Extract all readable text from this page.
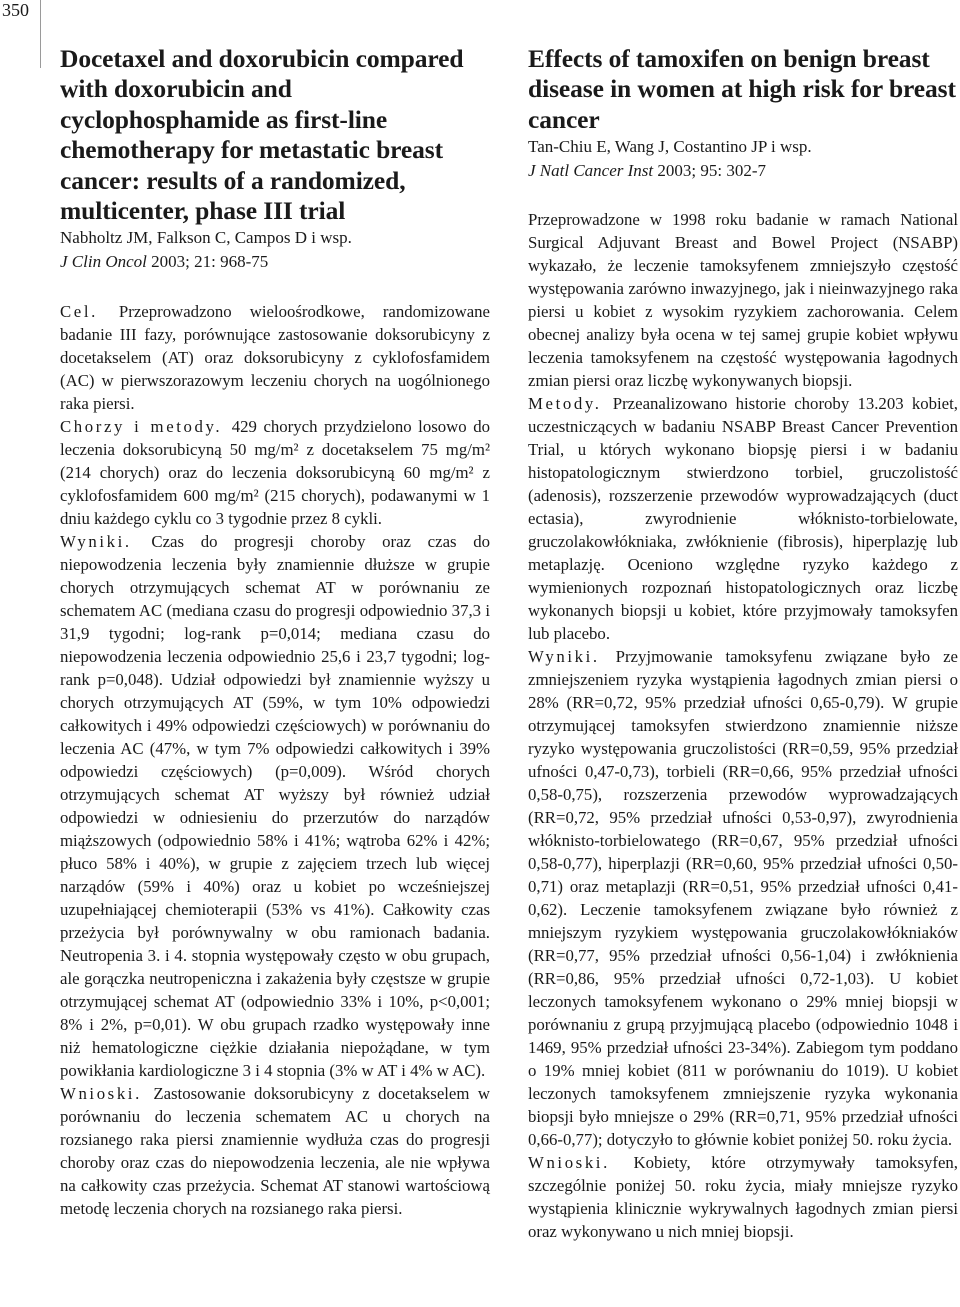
350
Docetaxel and doxorubicin compared with doxorubicin and cyclophosphamide as first-line chemotherapy for metastatic breast cancer: results of a randomized, multicenter, phase III trial

Nabholtz JM, Falkson C, Campos D i wsp.

J Clin Oncol 2003; 21: 968-75

Cel. Przeprowadzono wieloośrodkowe, randomizowane badanie III fazy, porównujące zastosowanie doksorubicyny z docetakselem (AT) oraz doksorubicyny z cyklofosfamidem (AC) w pierwszorazowym leczeniu chorych na uogólnionego raka piersi.

Chorzy i metody. 429 chorych przydzielono losowo do leczenia doksorubicyną 50 mg/m² z docetakselem 75 mg/m² (214 chorych) oraz do leczenia doksorubicyną 60 mg/m² z cyklofosfamidem 600 mg/m² (215 chorych), podawanymi w 1 dniu każdego cyklu co 3 tygodnie przez 8 cykli.

Wyniki. Czas do progresji choroby oraz czas do niepowodzenia leczenia były znamiennie dłuższe w grupie chorych otrzymujących schemat AT w porównaniu ze schematem AC (mediana czasu do progresji odpowiednio 37,3 i 31,9 tygodni; log-rank p=0,014; mediana czasu do niepowodzenia leczenia odpowiednio 25,6 i 23,7 tygodni; log-rank p=0,048). Udział odpowiedzi był znamiennie wyższy u chorych otrzymujących AT (59%, w tym 10% odpowiedzi całkowitych i 49% odpowiedzi częściowych) w porównaniu do leczenia AC (47%, w tym 7% odpowiedzi całkowitych i 39% odpowiedzi częściowych) (p=0,009). Wśród chorych otrzymujących schemat AT wyższy był również udział odpowiedzi w odniesieniu do przerzutów do narządów miąższowych (odpowiednio 58% i 41%; wątroba 62% i 42%; płuco 58% i 40%), w grupie z zajęciem trzech lub więcej narządów (59% i 40%) oraz u kobiet po wcześniejszej uzupełniającej chemioterapii (53% vs 41%). Całkowity czas przeżycia był porównywalny w obu ramionach badania. Neutropenia 3. i 4. stopnia występowały często w obu grupach, ale gorączka neutropeniczna i zakażenia były częstsze w grupie otrzymującej schemat AT (odpowiednio 33% i 10%, p<0,001; 8% i 2%, p=0,01). W obu grupach rzadko występowały inne niż hematologiczne ciężkie działania niepożądane, w tym powikłania kardiologiczne 3 i 4 stopnia (3% w AT i 4% w AC).

Wnioski. Zastosowanie doksorubicyny z docetakselem w porównaniu do leczenia schematem AC u chorych na rozsianego raka piersi znamiennie wydłuża czas do progresji choroby oraz czas do niepowodzenia leczenia, ale nie wpływa na całkowity czas przeżycia. Schemat AT stanowi wartościową metodę leczenia chorych na rozsianego raka piersi.

Effects of tamoxifen on benign breast disease in women at high risk for breast cancer

Tan-Chiu E, Wang J, Costantino JP i wsp.

J Natl Cancer Inst 2003; 95: 302-7

Przeprowadzone w 1998 roku badanie w ramach National Surgical Adjuvant Breast and Bowel Project (NSABP) wykazało, że leczenie tamoksyfenem zmniejszyło częstość występowania zarówno inwazyjnego, jak i nieinwazyjnego raka piersi u kobiet z wysokim ryzykiem zachorowania. Celem obecnej analizy była ocena w tej samej grupie kobiet wpływu leczenia tamoksyfenem na częstość występowania łagodnych zmian piersi oraz liczbę wykonywanych biopsji.

Metody. Przeanalizowano historie choroby 13.203 kobiet, uczestniczących w badaniu NSABP Breast Cancer Prevention Trial, u których wykonano biopsję piersi i w badaniu histopatologicznym stwierdzono torbiel, gruczolistość (adenosis), rozszerzenie przewodów wyprowadzających (duct ectasia), zwyrodnienie włóknisto-torbielowate, gruczolakowłókniaka, zwłóknienie (fibrosis), hiperplazję lub metaplazję. Oceniono względne ryzyko każdego z wymienionych rozpoznań histopatologicznych oraz liczbę wykonanych biopsji u kobiet, które przyjmowały tamoksyfen lub placebo.

Wyniki. Przyjmowanie tamoksyfenu związane było ze zmniejszeniem ryzyka wystąpienia łagodnych zmian piersi o 28% (RR=0,72, 95% przedział ufności 0,65-0,79). W grupie otrzymującej tamoksyfen stwierdzono znamiennie niższe ryzyko występowania gruczolistości (RR=0,59, 95% przedział ufności 0,47-0,73), torbieli (RR=0,66, 95% przedział ufności 0,58-0,75), rozszerzenia przewodów wyprowadzających (RR=0,72, 95% przedział ufności 0,53-0,97), zwyrodnienia włóknisto-torbielowatego (RR=0,67, 95% przedział ufności 0,58-0,77), hiperplazji (RR=0,60, 95% przedział ufności 0,50-0,71) oraz metaplazji (RR=0,51, 95% przedział ufności 0,41-0,62). Leczenie tamoksyfenem związane było również z mniejszym ryzykiem występowania gruczolakowłókniaków (RR=0,77, 95% przedział ufności 0,56-1,04) i zwłóknienia (RR=0,86, 95% przedział ufności 0,72-1,03). U kobiet leczonych tamoksyfenem wykonano o 29% mniej biopsji w porównaniu z grupą przyjmującą placebo (odpowiednio 1048 i 1469, 95% przedział ufności 23-34%). Zabiegom tym poddano o 19% mniej kobiet (811 w porównaniu do 1019). U kobiet leczonych tamoksyfenem zmniejszenie ryzyka wykonania biopsji było mniejsze o 29% (RR=0,71, 95% przedział ufności 0,66-0,77); dotyczyło to głównie kobiet poniżej 50. roku życia.

Wnioski. Kobiety, które otrzymywały tamoksyfen, szczególnie poniżej 50. roku życia, miały mniejsze ryzyko wystąpienia klinicznie wykrywalnych łagodnych zmian piersi oraz wykonywano u nich mniej biopsji.
